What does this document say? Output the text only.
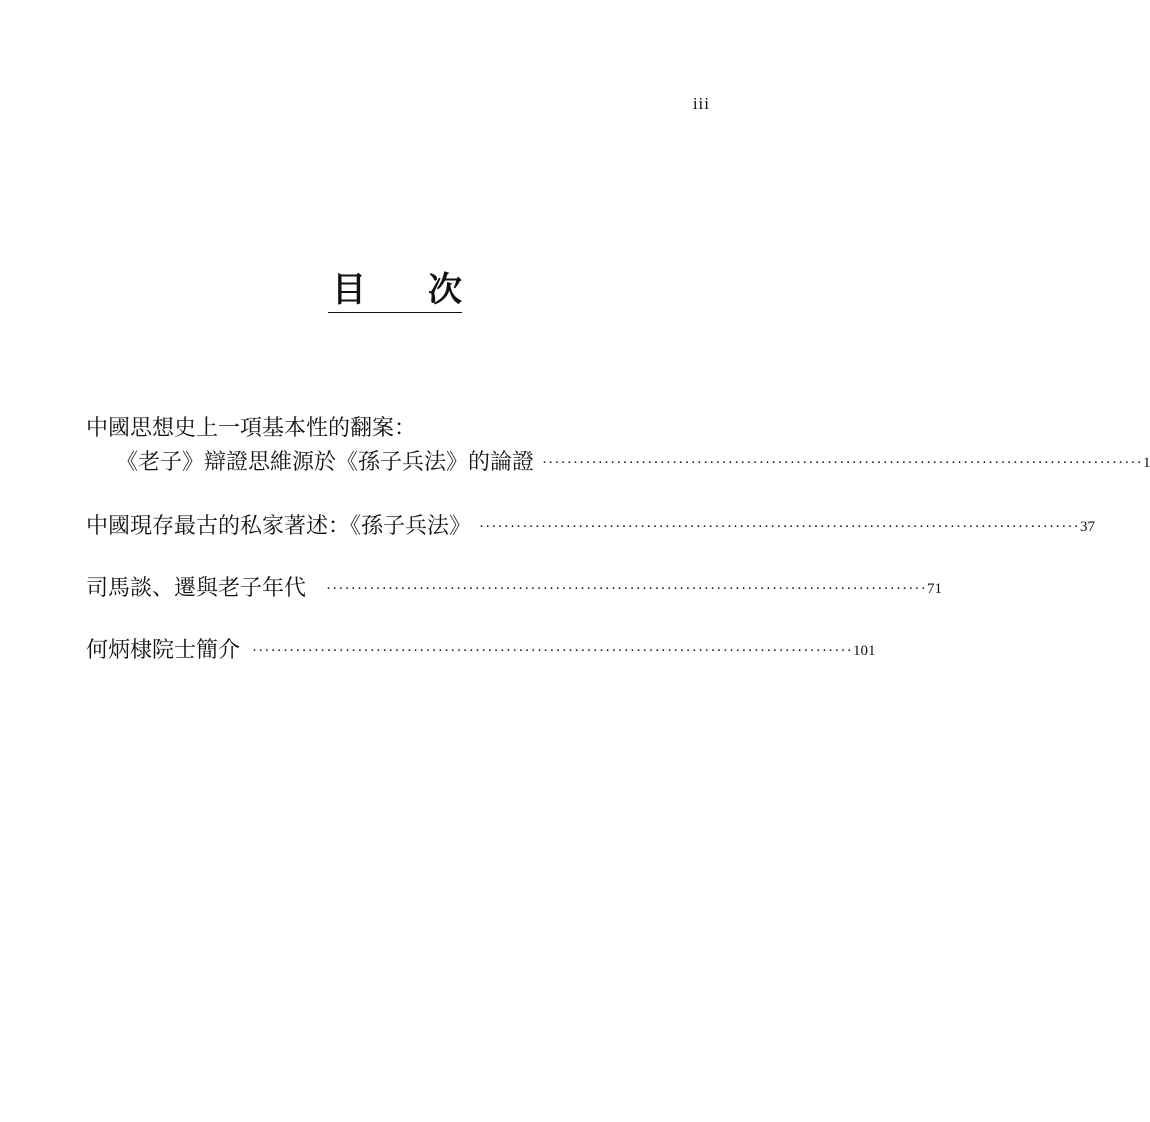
iii
目 次
中國思想史上一項基本性的翻案：
《老子》辯證思維源於《孫子兵法》的論證 ································································································· 1
中國現存最古的私家著述：《孫子兵法》 ································································································· 37
司馬談、遷與老子年代 ································································································· 71
何炳棣院士簡介 ································································································· 101
